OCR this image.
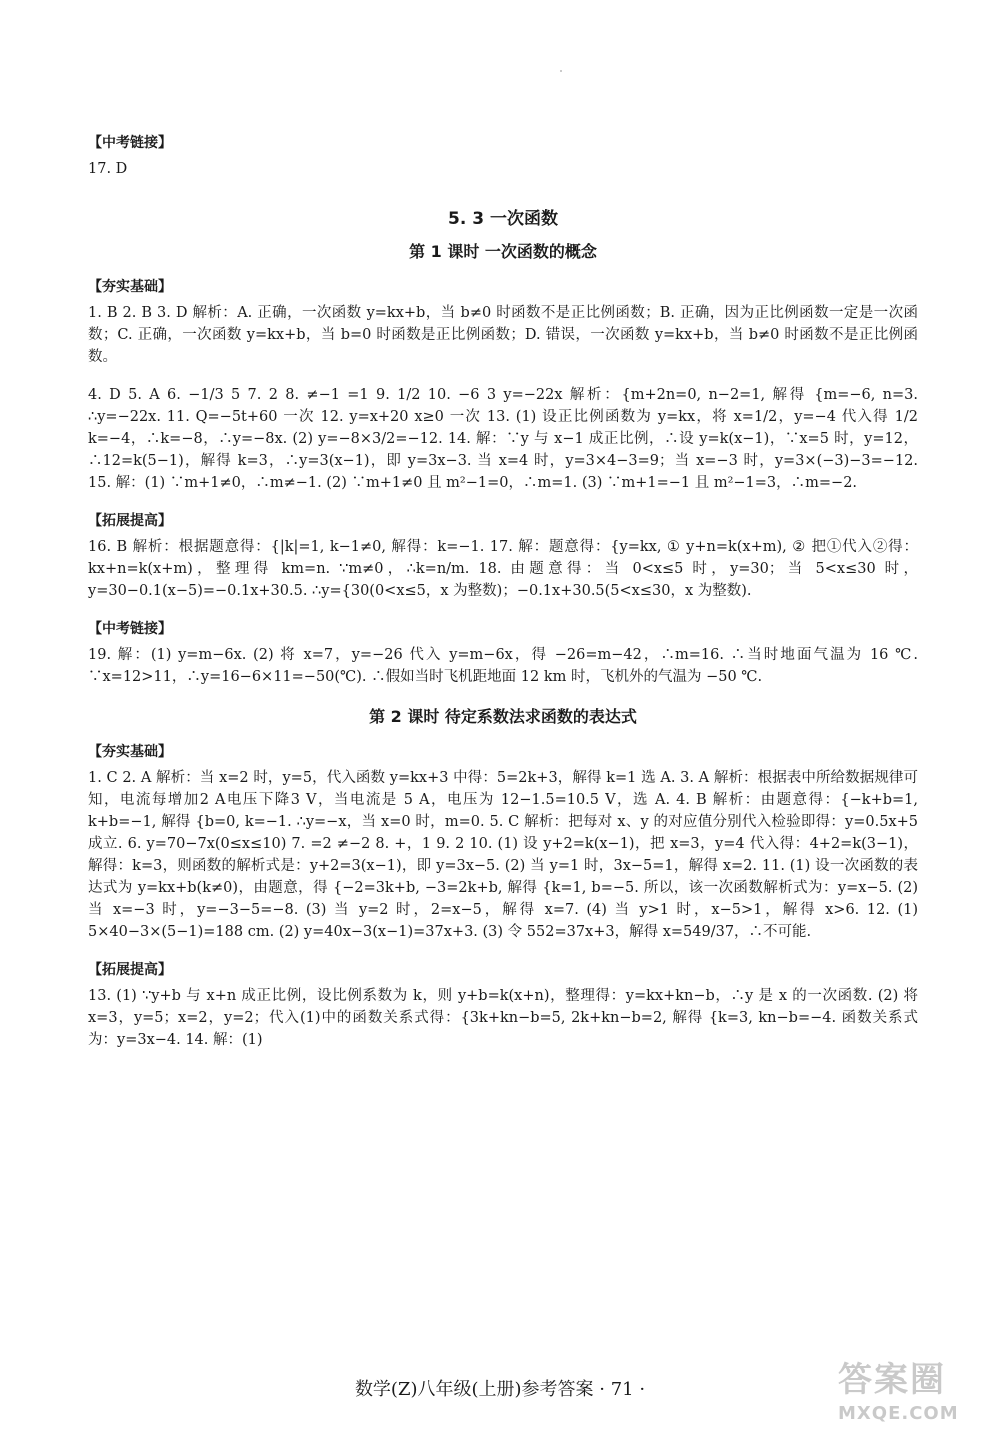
【中考链接】

17. D

5. 3 一次函数
第 1 课时 一次函数的概念
【夯实基础】

1. B 2. B 3. D 解析：A. 正确，一次函数 y=kx+b，当 b≠0 时函数不是正比例函数；B. 正确，因为正比例函数一定是一次函数；C. 正确，一次函数 y=kx+b，当 b=0 时函数是正比例函数；D. 错误，一次函数 y=kx+b，当 b≠0 时函数不是正比例函数。

4. D 5. A 6. −1/3 5 7. 2 8. ≠−1 =1 9. 1/2 10. −6 3 y=−22x 解析：{m+2n=0, n−2=1, 解得 {m=−6, n=3. ∴y=−22x. 11. Q=−5t+60 一次 12. y=x+20 x≥0 一次 13. (1) 设正比例函数为 y=kx，将 x=1/2，y=−4 代入得 1/2 k=−4，∴k=−8，∴y=−8x. (2) y=−8×3/2=−12. 14. 解：∵y 与 x−1 成正比例，∴设 y=k(x−1)，∵x=5 时，y=12，∴12=k(5−1)，解得 k=3，∴y=3(x−1)，即 y=3x−3. 当 x=4 时，y=3×4−3=9；当 x=−3 时，y=3×(−3)−3=−12. 15. 解：(1) ∵m+1≠0，∴m≠−1. (2) ∵m+1≠0 且 m²−1=0，∴m=1. (3) ∵m+1=−1 且 m²−1=3，∴m=−2.

【拓展提高】

16. B 解析：根据题意得：{|k|=1, k−1≠0, 解得：k=−1. 17. 解：题意得：{y=kx, ① y+n=k(x+m), ② 把①代入②得：kx+n=k(x+m)，整理得 km=n. ∵m≠0，∴k=n/m. 18. 由题意得：当 0<x≤5 时，y=30；当 5<x≤30 时，y=30−0.1(x−5)=−0.1x+30.5. ∴y={30(0<x≤5，x 为整数)；−0.1x+30.5(5<x≤30，x 为整数).

【中考链接】

19. 解：(1) y=m−6x. (2) 将 x=7，y=−26 代入 y=m−6x，得 −26=m−42，∴m=16. ∴当时地面气温为 16 ℃. ∵x=12>11，∴y=16−6×11=−50(℃). ∴假如当时飞机距地面 12 km 时，飞机外的气温为 −50 ℃.

第 2 课时 待定系数法求函数的表达式
【夯实基础】

1. C 2. A 解析：当 x=2 时，y=5，代入函数 y=kx+3 中得：5=2k+3，解得 k=1 选 A. 3. A 解析：根据表中所给数据规律可知，电流每增加2 A电压下降3 V，当电流是 5 A，电压为 12−1.5=10.5 V，选 A. 4. B 解析：由题意得：{−k+b=1, k+b=−1, 解得 {b=0, k=−1. ∴y=−x，当 x=0 时，m=0. 5. C 解析：把每对 x、y 的对应值分别代入检验即得：y=0.5x+5 成立. 6. y=70−7x(0≤x≤10) 7. =2 ≠−2 8. +，1 9. 2 10. (1) 设 y+2=k(x−1)，把 x=3，y=4 代入得：4+2=k(3−1)，解得：k=3，则函数的解析式是：y+2=3(x−1)，即 y=3x−5. (2) 当 y=1 时，3x−5=1，解得 x=2. 11. (1) 设一次函数的表达式为 y=kx+b(k≠0)，由题意，得 {−2=3k+b, −3=2k+b, 解得 {k=1, b=−5. 所以，该一次函数解析式为：y=x−5. (2) 当 x=−3 时，y=−3−5=−8. (3) 当 y=2 时，2=x−5，解得 x=7. (4) 当 y>1 时，x−5>1，解得 x>6. 12. (1) 5×40−3×(5−1)=188 cm. (2) y=40x−3(x−1)=37x+3. (3) 令 552=37x+3，解得 x=549/37，∴不可能.

【拓展提高】

13. (1) ∵y+b 与 x+n 成正比例，设比例系数为 k，则 y+b=k(x+n)，整理得：y=kx+kn−b，∴y 是 x 的一次函数. (2) 将 x=3，y=5；x=2，y=2；代入(1)中的函数关系式得：{3k+kn−b=5, 2k+kn−b=2, 解得 {k=3, kn−b=−4. 函数关系式为：y=3x−4. 14. 解：(1)

数学(Z)八年级(上册)参考答案 · 71 ·	答案圈
MXQE.COM
